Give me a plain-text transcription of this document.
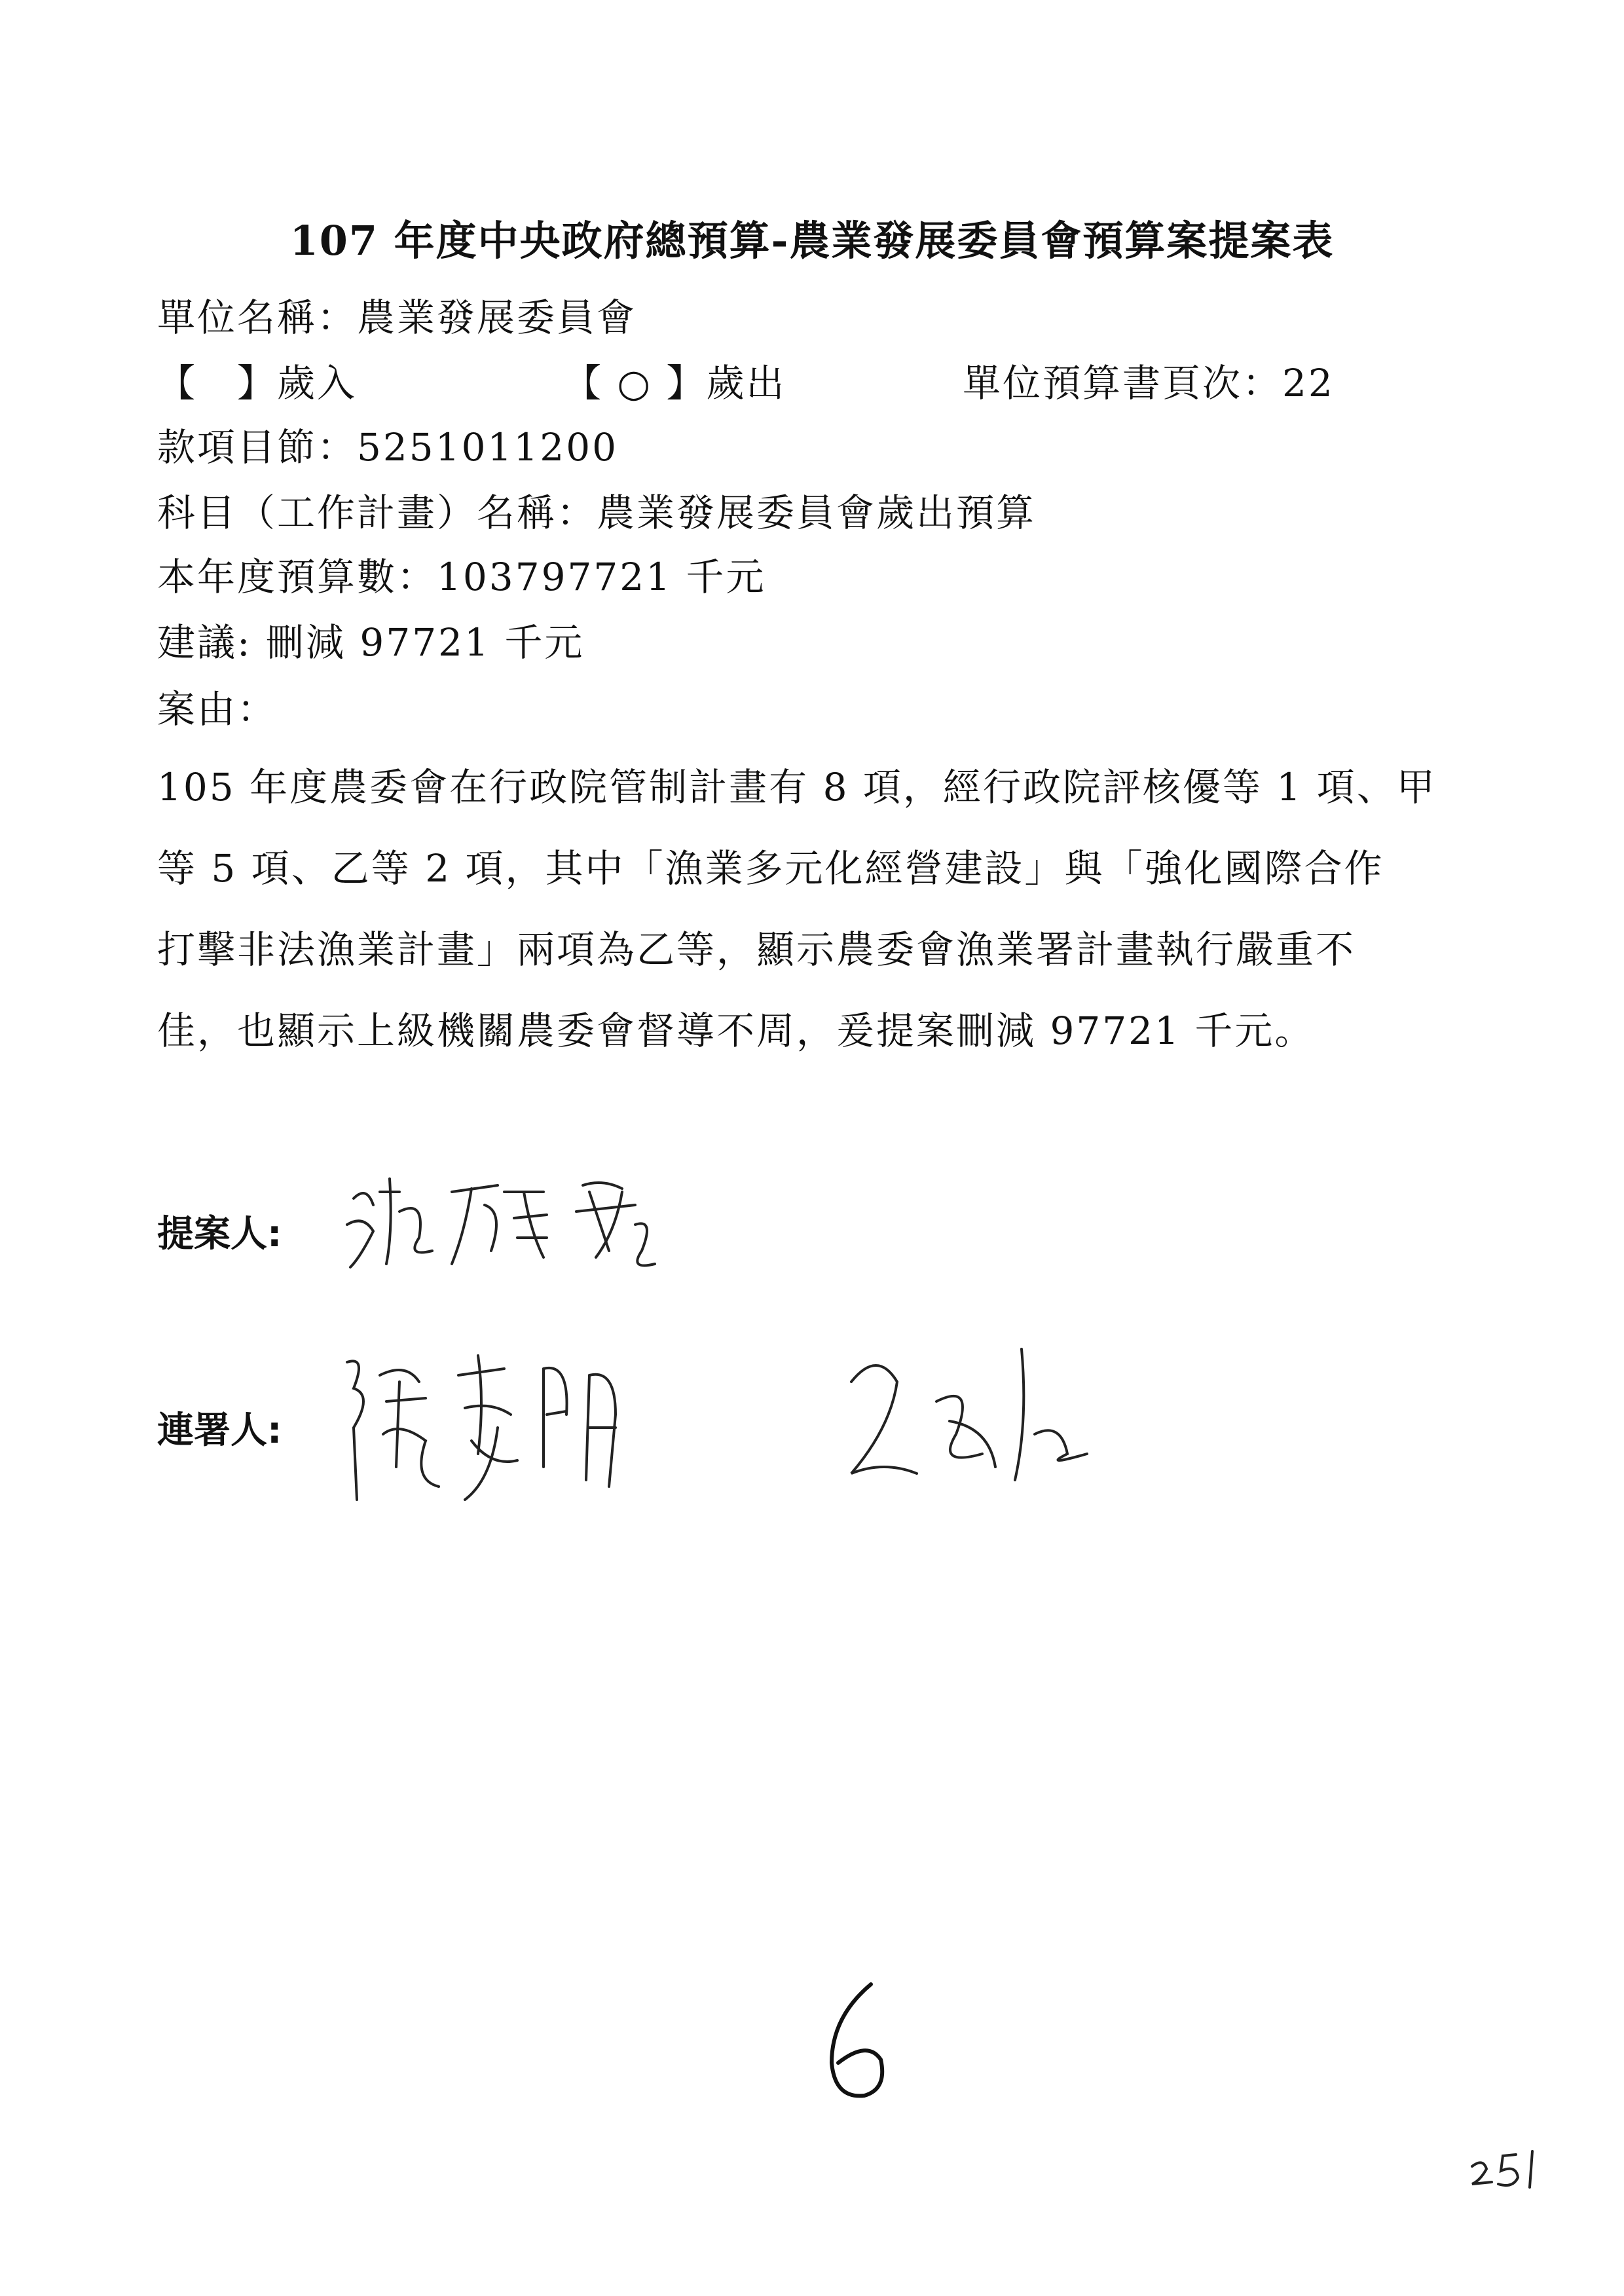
107 年度中央政府總預算-農業發展委員會預算案提案表
單位名稱：農業發展委員會
【　】歲入	【 ○ 】歲出	單位預算書頁次：22
款項目節：5251011200
科目（工作計畫）名稱：農業發展委員會歲出預算
本年度預算數：103797721 千元
建議: 刪減 97721 千元
案由：
105 年度農委會在行政院管制計畫有 8 項，經行政院評核優等 1 項、甲
等 5 項、乙等 2 項，其中「漁業多元化經營建設」與「強化國際合作
打擊非法漁業計畫」兩項為乙等，顯示農委會漁業署計畫執行嚴重不
佳，也顯示上級機關農委會督導不周，爰提案刪減 97721 千元。
提案人:
連署人:
